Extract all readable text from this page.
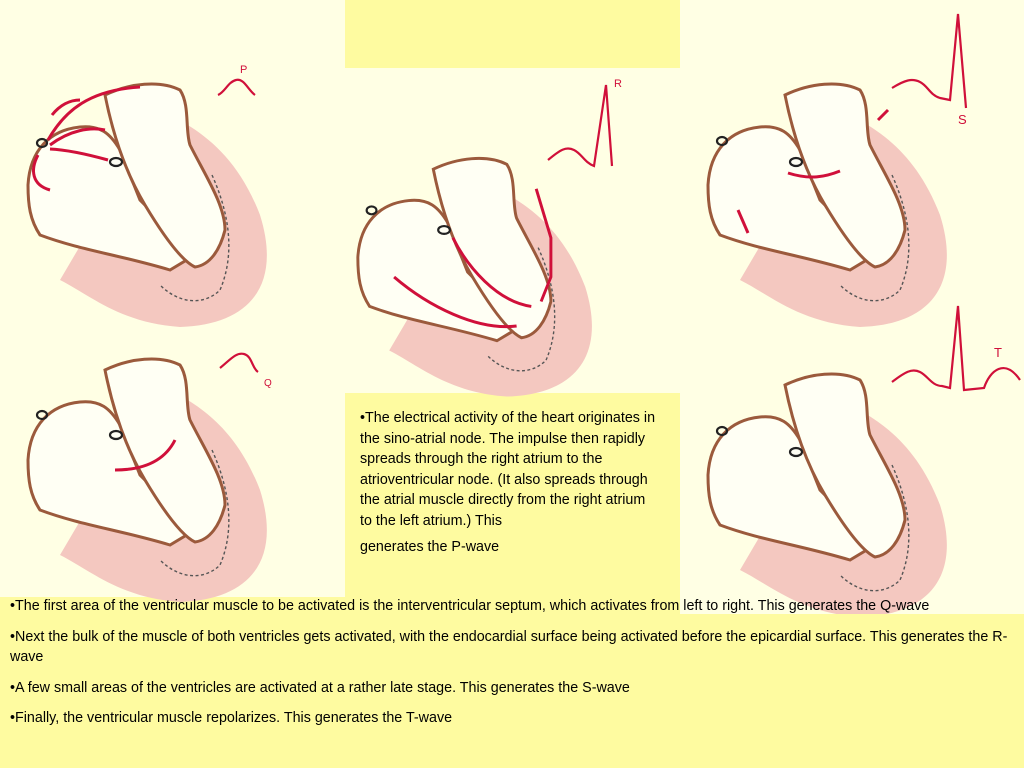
P
Q
R
S
T

•The electrical activity of the heart originates in the sino-atrial node. The impulse then rapidly spreads through the right atrium to the atrioventricular node. (It also spreads through the atrial muscle directly from the right atrium to the left atrium.) This

generates the P-wave

•The first area of the ventricular muscle to be activated is the interventricular septum, which activates from left to right. This generates the Q-wave

•Next the bulk of the muscle of both ventricles gets activated, with the endocardial surface being activated before the epicardial surface. This generates the R-wave

•A few small areas of the ventricles are activated at a rather late stage. This generates the S-wave

•Finally, the ventricular muscle repolarizes. This generates the T-wave
